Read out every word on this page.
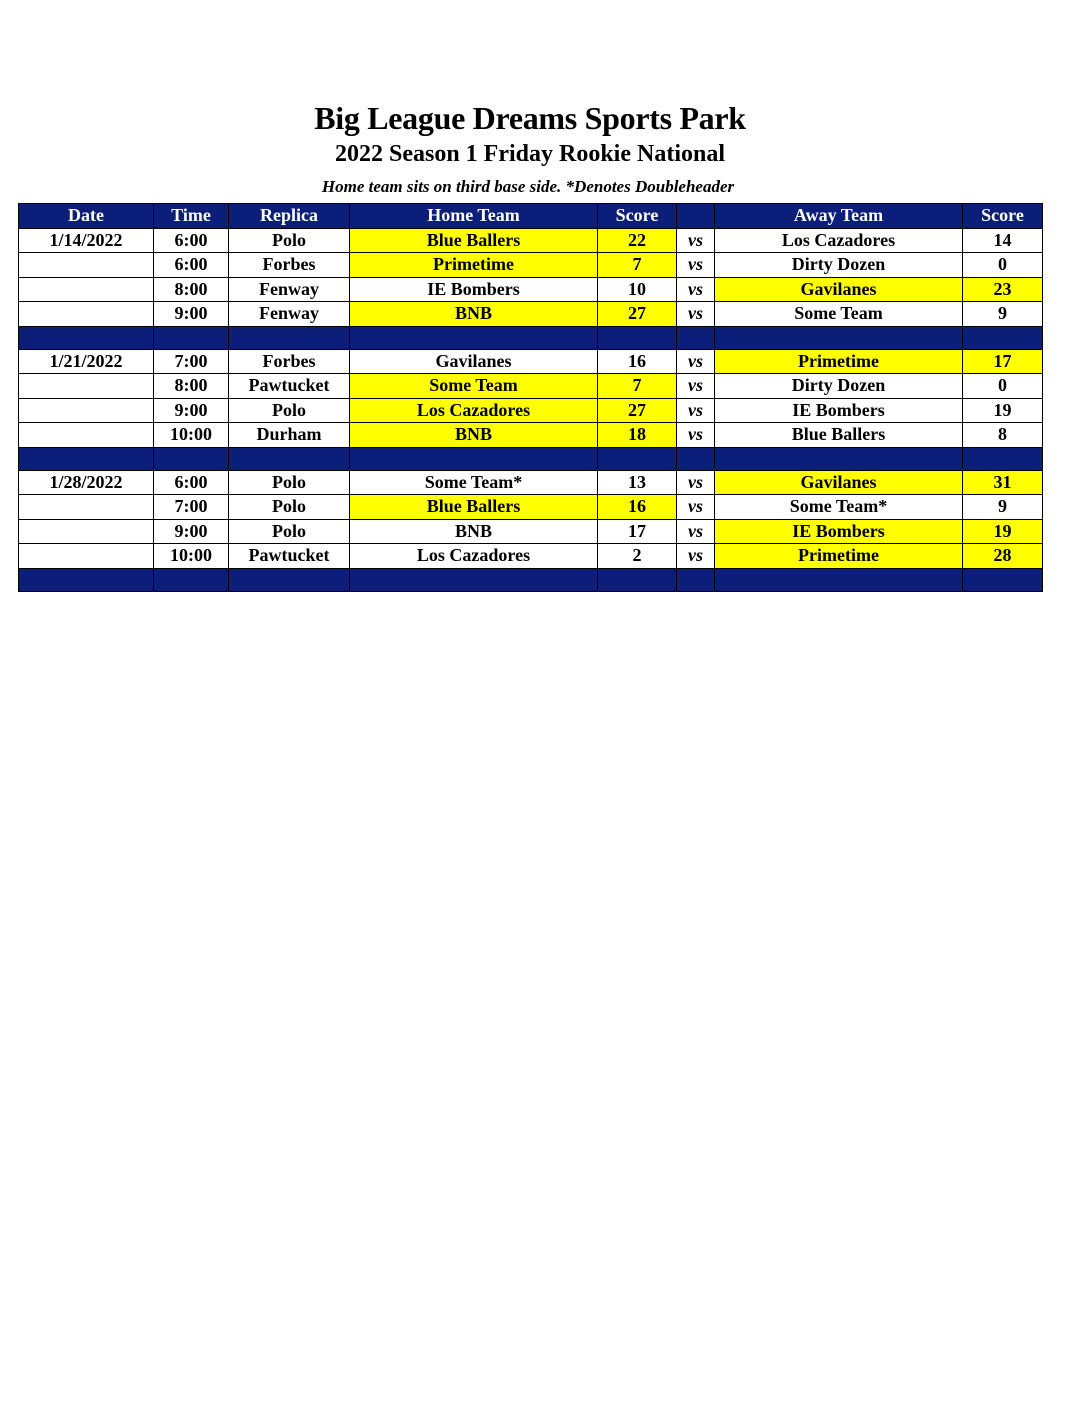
Big League Dreams Sports Park
2022 Season 1 Friday Rookie National
Home team sits on third base side. *Denotes Doubleheader
Date	Time	Replica	Home Team	Score		Away Team	Score
1/14/2022	6:00	Polo	Blue Ballers	22	vs	Los Cazadores	14
	6:00	Forbes	Primetime	7	vs	Dirty Dozen	0
	8:00	Fenway	IE Bombers	10	vs	Gavilanes	23
	9:00	Fenway	BNB	27	vs	Some Team	9

1/21/2022	7:00	Forbes	Gavilanes	16	vs	Primetime	17
	8:00	Pawtucket	Some Team	7	vs	Dirty Dozen	0
	9:00	Polo	Los Cazadores	27	vs	IE Bombers	19
	10:00	Durham	BNB	18	vs	Blue Ballers	8

1/28/2022	6:00	Polo	Some Team*	13	vs	Gavilanes	31
	7:00	Polo	Blue Ballers	16	vs	Some Team*	9
	9:00	Polo	BNB	17	vs	IE Bombers	19
	10:00	Pawtucket	Los Cazadores	2	vs	Primetime	28
